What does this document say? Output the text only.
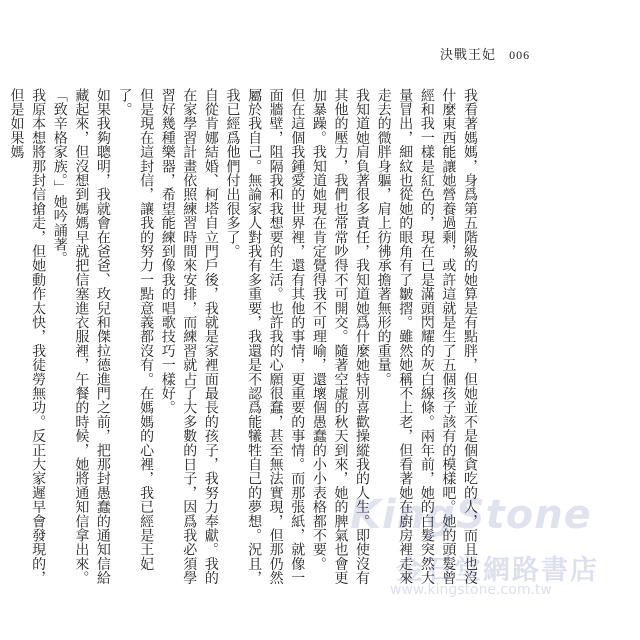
決戰王妃 006

我看著媽媽，身爲第五階級的她算是有點胖，但她並不是個貪吃的人，而且也沒什麼東西能讓她營養過剩，或許這就是生了五個孩子該有的模樣吧。她的頭髮曾經和我一樣是紅色的，現在已是滿頭閃耀的灰白線條。兩年前，她的白髮突然大量冒出，細紋也從她的眼角有了皺摺。雖然她稱不上老，但看著她在廚房裡走來走去的微胖身軀，肩上彷彿承擔著無形的重量。

我知道她肩負著很多責任，我知道她爲什麼她特別喜歡操縱我的人生。即使沒有其他的壓力，我們也常常吵得不可開交。隨著空虛的秋天到來，她的脾氣也會更加暴躁。我知道她現在肯定覺得我不可理喻，還壞個愚蠢的小小表格都不要。

但在這個我鍾愛的世界裡，還有其他的事情，更重要的事情。而那張紙，就像一面牆壁，阻隔我和我想要的生活。也許我的心願很蠢，甚至無法實現，但那仍然屬於我自己。無論家人對我有多重要，我還是不認爲能犧牲自己的夢想。況且，我已經爲他們付出很多了。

自從肯娜結婚、柯塔自立門戶後，我就是家裡面最長的孩子，我努力奉獻。我的在家學習計畫依照練習時間來安排，而練習就占了大多數的日子，因爲我必須學習好幾種樂器，希望能練到像我的唱歌技巧一樣好。

但是現在這封信，讓我的努力一點意義都沒有。在媽媽的心裡，我已經是王妃了。

如果我夠聰明，我就會在爸爸、玫兒和傑拉德進門之前，把那封愚蠢的通知信給藏起來，但沒想到媽媽早就把信塞進衣服裡，午餐的時候，她將通知信拿出來。

「致辛格家族。」她吟誦著。

我原本想將那封信搶走，但她動作太快，我徒勞無功。反正大家遲早會發現的，但是如果媽

KingStone
金石堂網路書店
www.kingstone.com.tw
